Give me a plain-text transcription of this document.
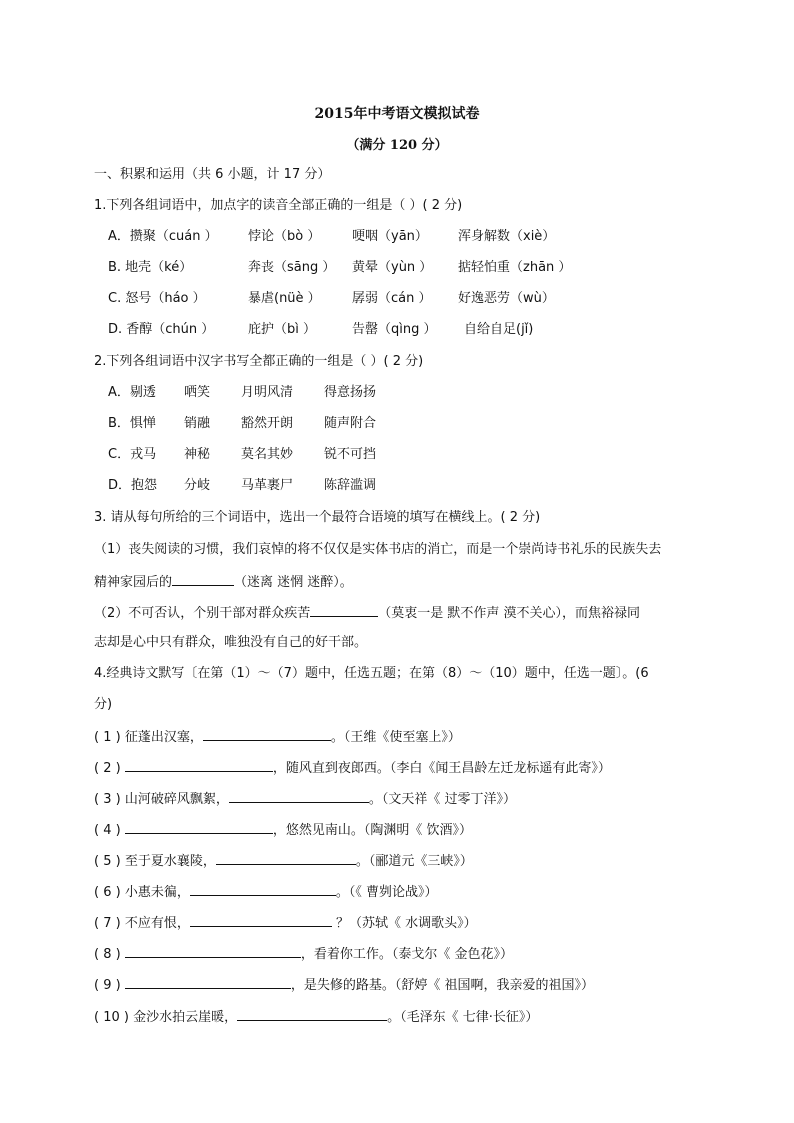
2015年中考语文模拟试卷
（满分 120 分）
一、积累和运用（共 6 小题，计 17 分）
1.下列各组词语中，加点字的读音全部正确的一组是（ ）( 2 分)
A．攒聚（cuán ） 悖论（bò ） 哽咽（yān） 浑身解数（xiè）
B. 地壳（ké）	奔丧（sāng ） 黄晕（yùn ） 掂轻怕重（zhān ）
C. 怒号（háo ）	暴虐(nüè ） 孱弱（cán ） 好逸恶劳（wù）
D. 香醇（chún ）	庇护（bì ）	告罄（qìng ） 自给自足(jǐ)
2.下列各组词语中汉字书写全都正确的一组是（ ）( 2 分)
A．剔透 哂笑 月明风清 得意扬扬
B．惧惮 销融 豁然开朗 随声附合
C．戎马 神秘 莫名其妙 锐不可挡
D．抱怨 分岐 马革裹尸 陈辞滥调
3. 请从每句所给的三个词语中，选出一个最符合语境的填写在横线上。( 2 分)
（1）丧失阅读的习惯，我们哀悼的将不仅仅是实体书店的消亡，而是一个崇尚诗书礼乐的民族失去
精神家园后的	（迷离 迷惘 迷醉）。
（2）不可否认，个别干部对群众疾苦	（莫衷一是 默不作声 漠不关心），而焦裕禄同
志却是心中只有群众，唯独没有自己的好干部。
4.经典诗文默写〔在第（1）～（7）题中，任选五题；在第（8）～（10）题中，任选一题〕。(6
分)
( 1 ) 征蓬出汉塞，	。（王维《使至塞上》）
( 2 )	，随风直到夜郎西。（李白《闻王昌龄左迁龙标遥有此寄》）
( 3 ) 山河破碎风飘絮，	。（文天祥《 过零丁洋》）
( 4 )	，悠然见南山。（陶渊明《 饮酒》）
( 5 ) 至于夏水襄陵，	。（郦道元《三峡》）
( 6 ) 小惠未徧，	。（《 曹刿论战》）
( 7 ) 不应有恨，	？（苏轼《 水调歌头》）
( 8 )	，看着你工作。（泰戈尔《 金色花》）
( 9 )	，是失修的路基。（舒婷《 祖国啊，我亲爱的祖国》）
( 10 ) 金沙水拍云崖暖，	。（毛泽东《 七律·长征》）
